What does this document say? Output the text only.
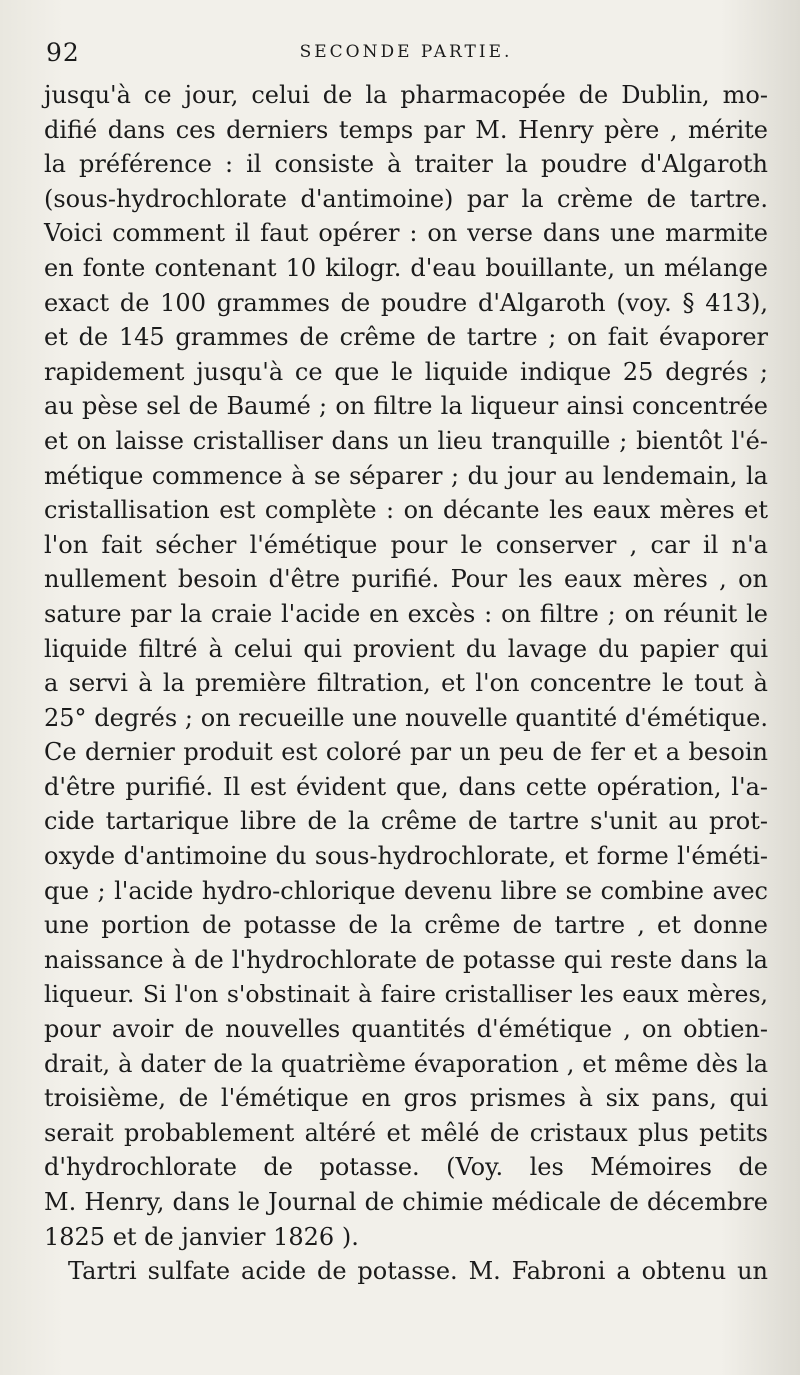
92	SECONDE PARTIE.
jusqu'à ce jour, celui de la pharmacopée de Dublin, mo-
difié dans ces derniers temps par M. Henry père , mérite
la préférence : il consiste à traiter la poudre d'Algaroth
(sous-hydrochlorate d'antimoine) par la crème de tartre.
Voici comment il faut opérer : on verse dans une marmite
en fonte contenant 10 kilogr. d'eau bouillante, un mélange
exact de 100 grammes de poudre d'Algaroth (voy. § 413),
et de 145 grammes de crême de tartre ; on fait évaporer
rapidement jusqu'à ce que le liquide indique 25 degrés ;
au pèse sel de Baumé ; on filtre la liqueur ainsi concentrée
et on laisse cristalliser dans un lieu tranquille ; bientôt l'é-
métique commence à se séparer ; du jour au lendemain, la
cristallisation est complète : on décante les eaux mères et
l'on fait sécher l'émétique pour le conserver , car il n'a
nullement besoin d'être purifié. Pour les eaux mères , on
sature par la craie l'acide en excès : on filtre ; on réunit le
liquide filtré à celui qui provient du lavage du papier qui
a servi à la première filtration, et l'on concentre le tout à
25° degrés ; on recueille une nouvelle quantité d'émétique.
Ce dernier produit est coloré par un peu de fer et a besoin
d'être purifié. Il est évident que, dans cette opération, l'a-
cide tartarique libre de la crême de tartre s'unit au prot-
oxyde d'antimoine du sous-hydrochlorate, et forme l'éméti-
que ; l'acide hydro-chlorique devenu libre se combine avec
une portion de potasse de la crême de tartre , et donne
naissance à de l'hydrochlorate de potasse qui reste dans la
liqueur. Si l'on s'obstinait à faire cristalliser les eaux mères,
pour avoir de nouvelles quantités d'émétique , on obtien-
drait, à dater de la quatrième évaporation , et même dès la
troisième, de l'émétique en gros prismes à six pans, qui
serait probablement altéré et mêlé de cristaux plus petits
d'hydrochlorate de potasse. (Voy. les Mémoires de
M. Henry, dans le Journal de chimie médicale de décembre
1825 et de janvier 1826 ).
Tartri sulfate acide de potasse. M. Fabroni a obtenu un
